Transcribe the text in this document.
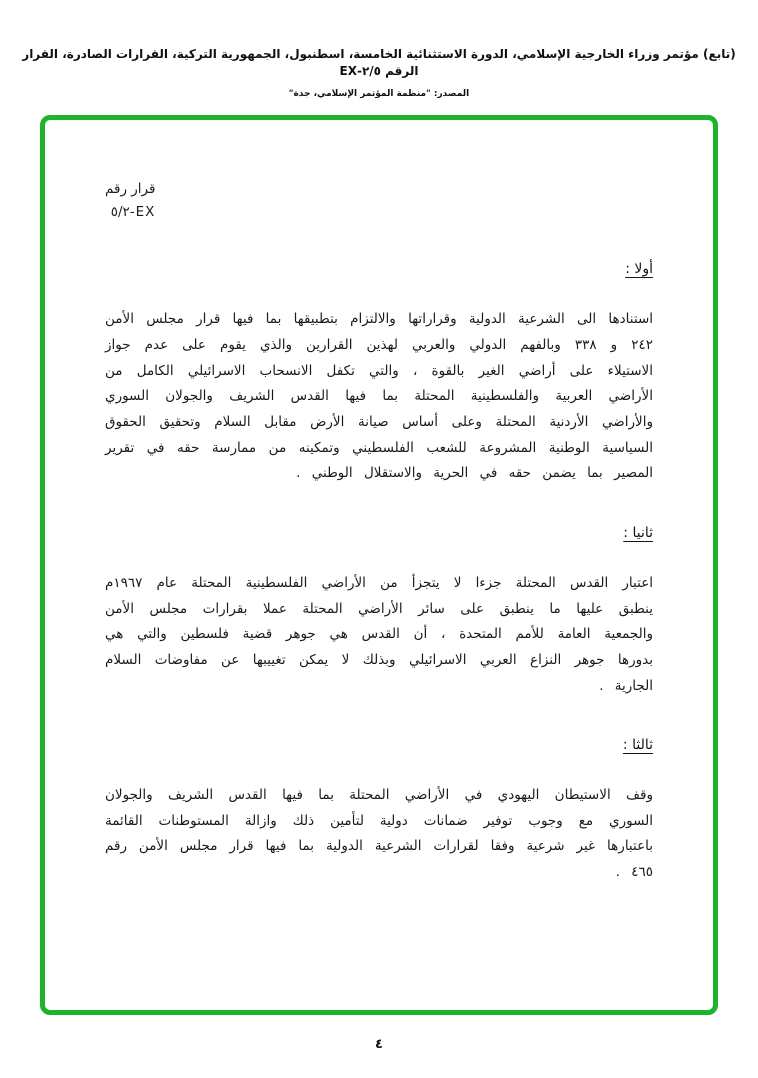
(تابع) مؤتمر وزراء الخارجية الإسلامي، الدورة الاستثنائية الخامسة، اسطنبول، الجمهورية التركية، القرارات الصادرة، القرار الرقم ٢/٥-EX
المصدر: "منظمة المؤتمر الإسلامي، جدة"
قرار رقم
EX-٥/٢
أولا :
استنادها الى الشرعية الدولية وقراراتها والالتزام بتطبيقها بما فيها قرار مجلس الأمن ٢٤٢ و ٣٣٨ وبالفهم الدولي والعربي لهذين القرارين والذي يقوم على عدم جواز الاستيلاء على أراضي الغير بالقوة ، والتي تكفل الانسحاب الاسرائيلي الكامل من الأراضي العربية والفلسطينية المحتلة بما فيها القدس الشريف والجولان السوري والأراضي الأردنية المحتلة وعلى أساس صيانة الأرض مقابل السلام وتحقيق الحقوق السياسية الوطنية المشروعة للشعب الفلسطيني وتمكينه من ممارسة حقه في تقرير المصير بما يضمن حقه في الحرية والاستقلال الوطني .
ثانيا :
اعتبار القدس المحتلة جزءا لا يتجزأ من الأراضي الفلسطينية المحتلة عام ١٩٦٧م ينطبق عليها ما ينطبق على سائر الأراضي المحتلة عملا بقرارات مجلس الأمن والجمعية العامة للأمم المتحدة ، أن القدس هي جوهر قضية فلسطين والتي هي بدورها جوهر النزاع العربي الاسرائيلي وبذلك لا يمكن تغييبها عن مفاوضات السلام الجارية .
ثالثا :
وقف الاستيطان اليهودي في الأراضي المحتلة بما فيها القدس الشريف والجولان السوري مع وجوب توفير ضمانات دولية لتأمين ذلك وازالة المستوطنات القائمة باعتبارها غير شرعية وفقا لقرارات الشرعية الدولية بما فيها قرار مجلس الأمن رقم ٤٦٥ .
٤
